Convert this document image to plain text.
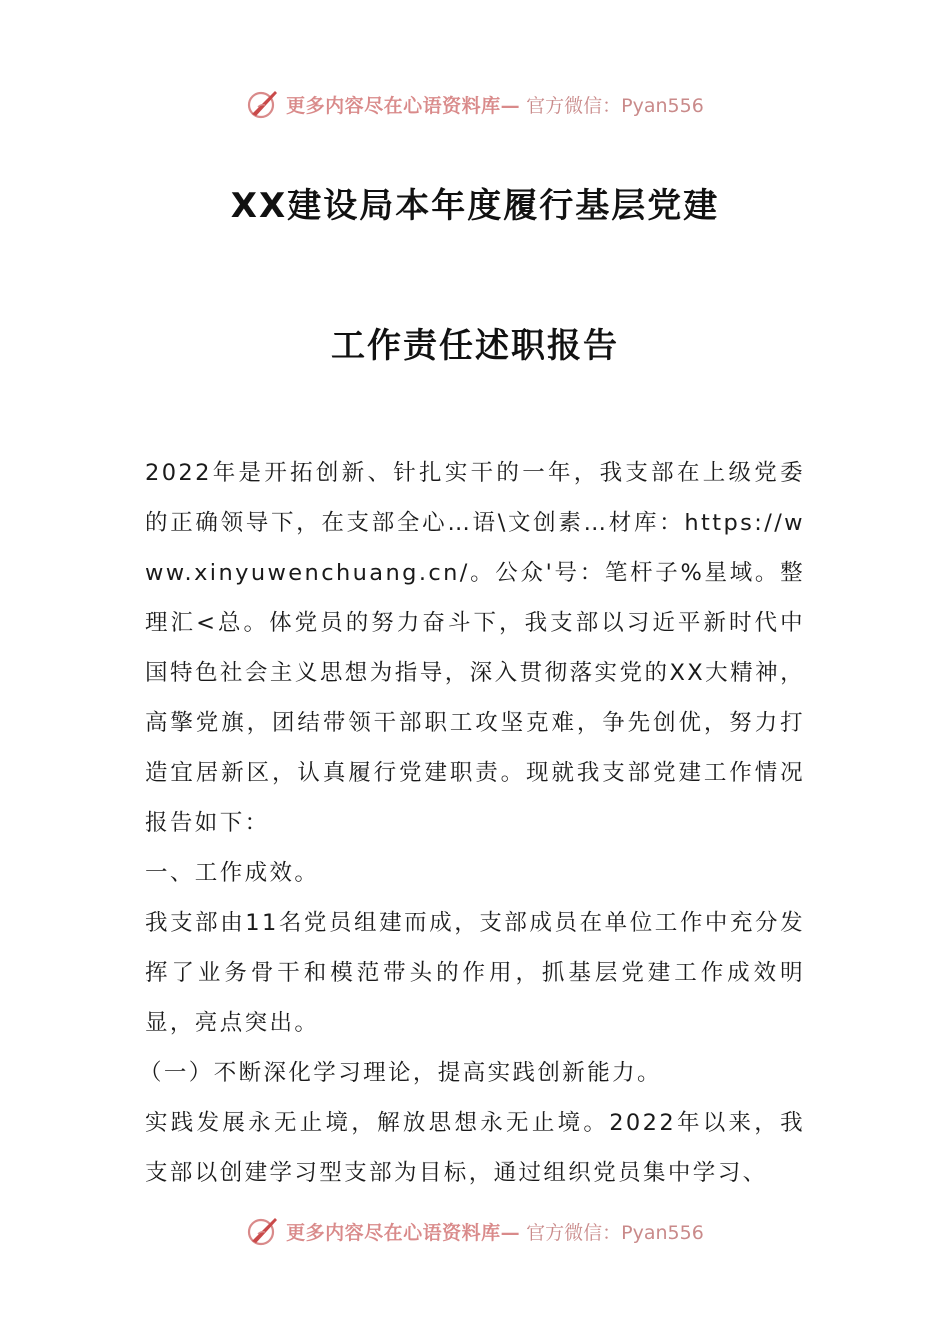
更多内容尽在心语资料库— 官方微信：Pyan556
XX建设局本年度履行基层党建
工作责任述职报告

2022年是开拓创新、针扎实干的一年，我支部在上级党委的正确领导下，在支部全心…语\文创素…材库：https://www.xinyuwenchuang.cn/。公众'号：笔杆子%星域。整理汇<总。体党员的努力奋斗下，我支部以习近平新时代中国特色社会主义思想为指导，深入贯彻落实党的XX大精神，高擎党旗，团结带领干部职工攻坚克难，争先创优，努力打造宜居新区，认真履行党建职责。现就我支部党建工作情况报告如下：

一、工作成效。

我支部由11名党员组建而成，支部成员在单位工作中充分发挥了业务骨干和模范带头的作用，抓基层党建工作成效明显，亮点突出。

（一）不断深化学习理论，提高实践创新能力。

实践发展永无止境，解放思想永无止境。2022年以来，我支部以创建学习型支部为目标，通过组织党员集中学习、

更多内容尽在心语资料库— 官方微信：Pyan556
